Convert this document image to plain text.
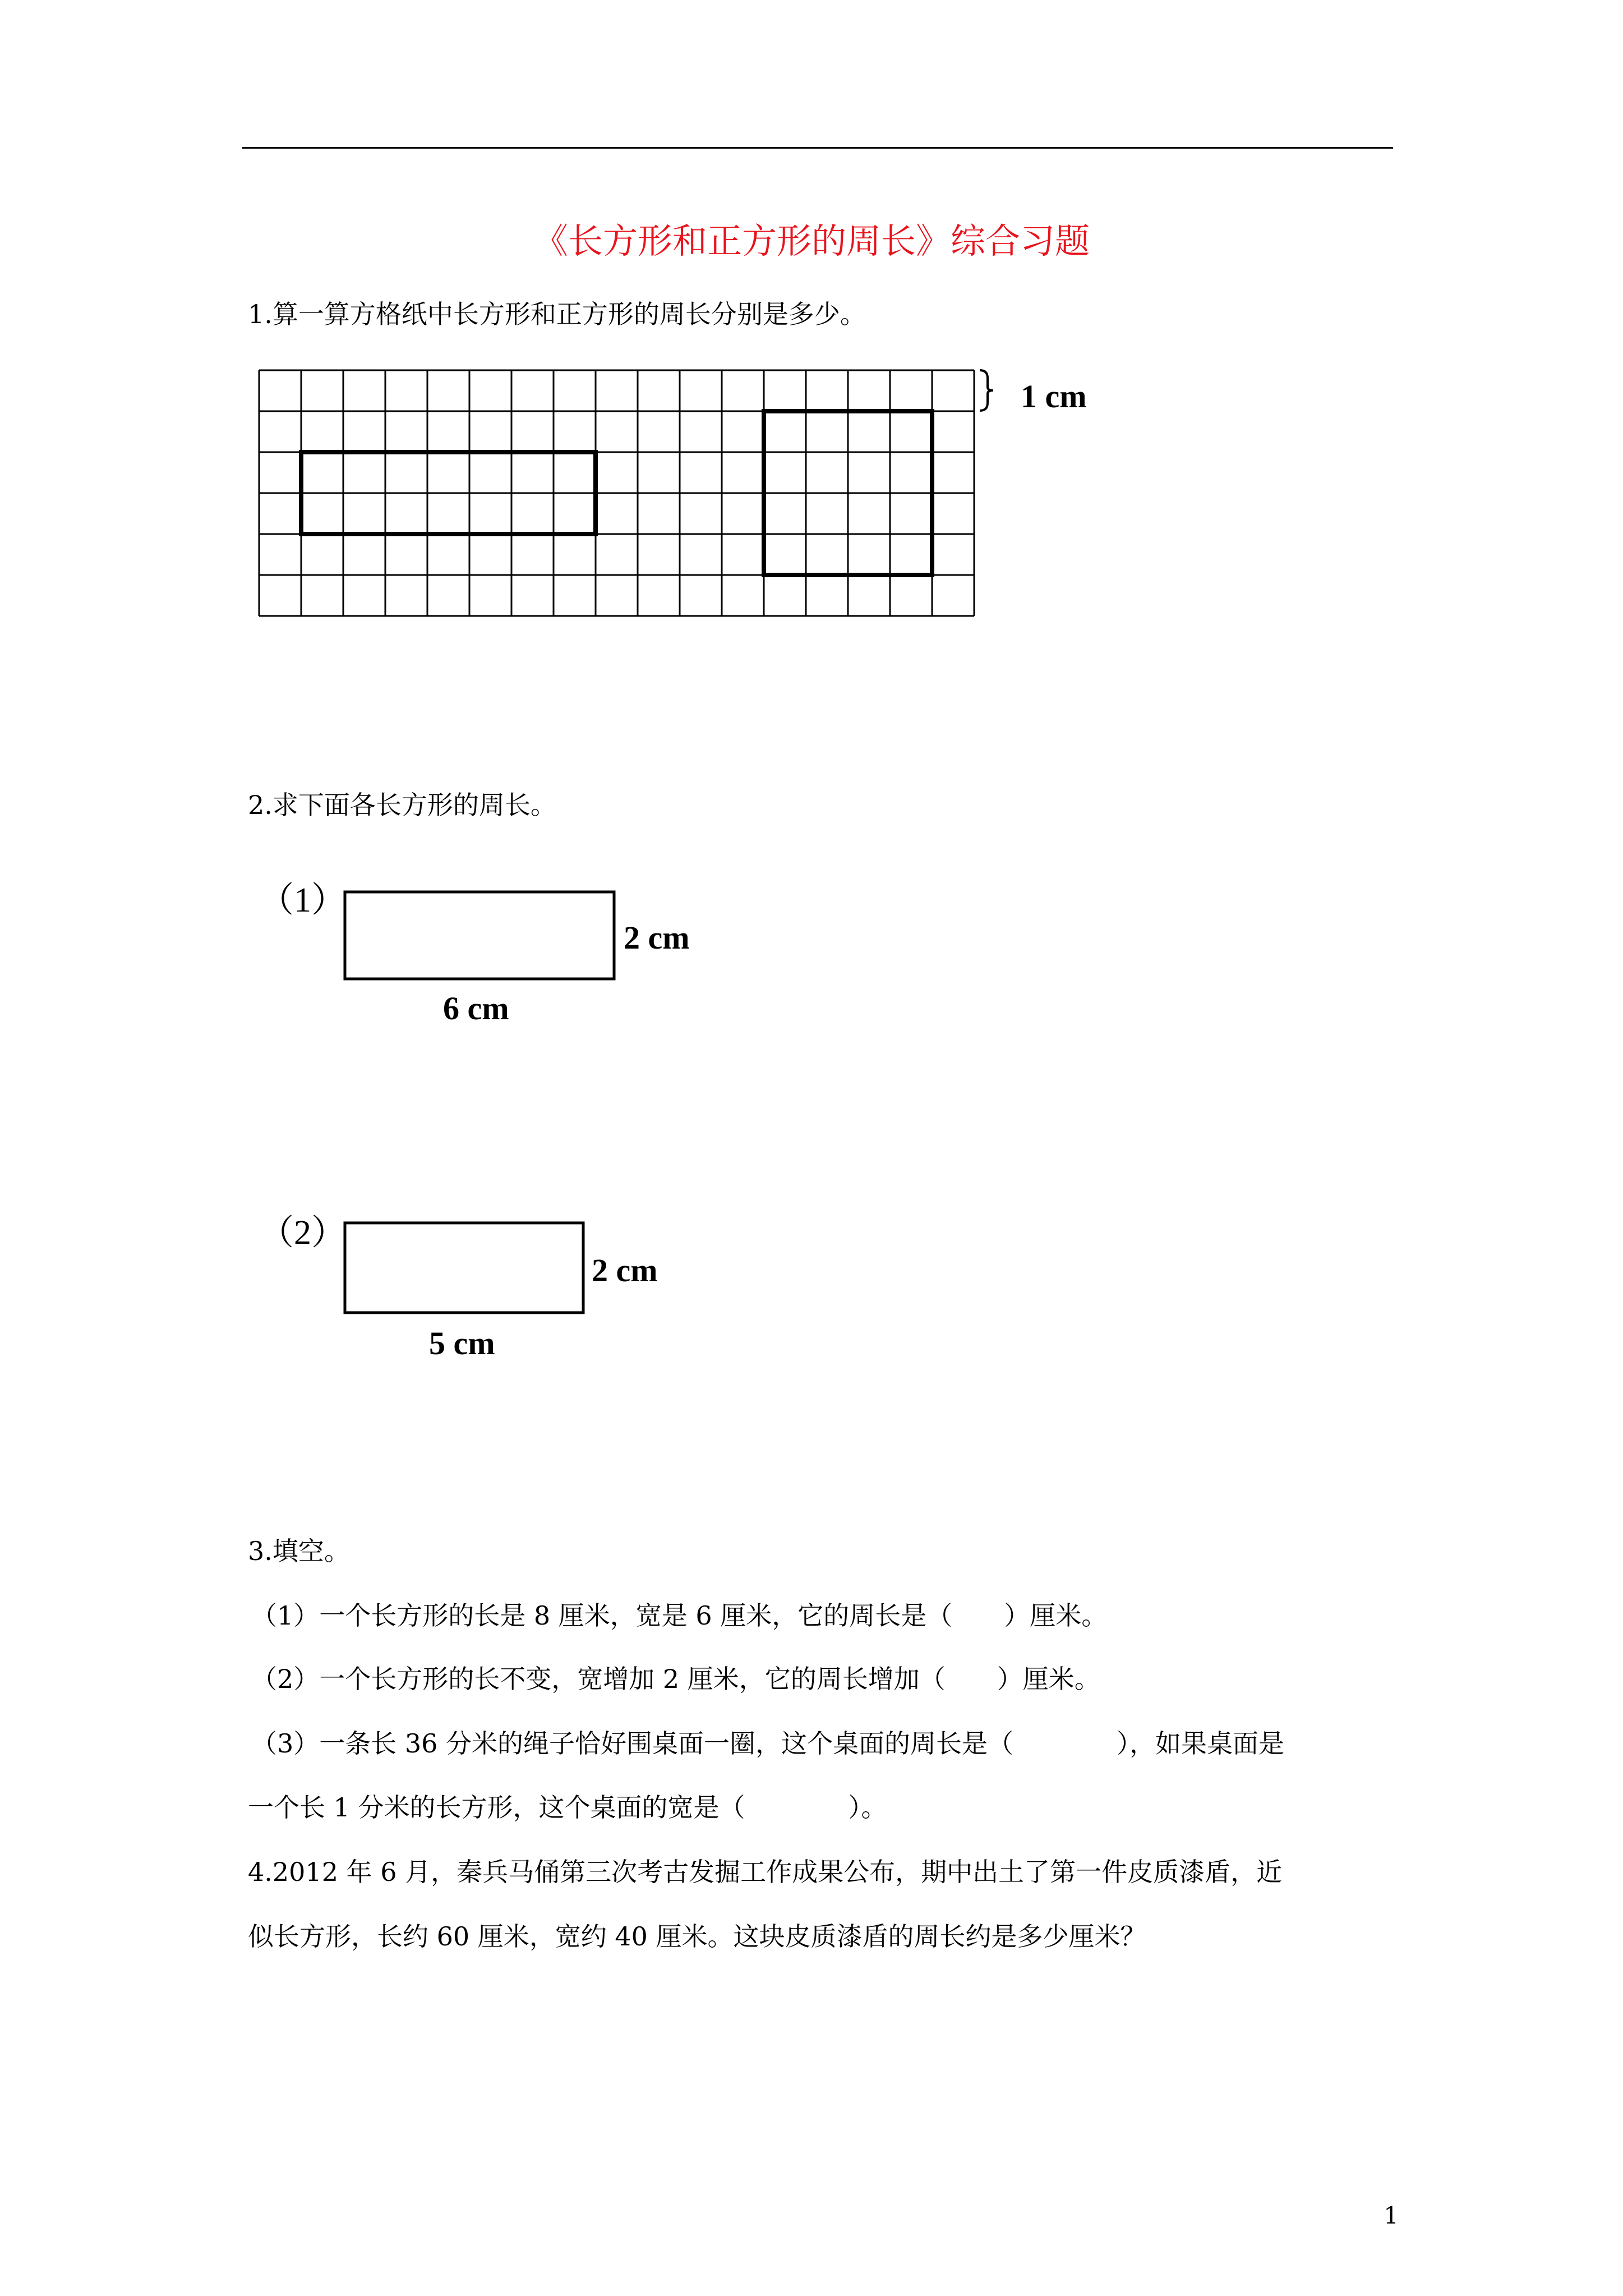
《长方形和正方形的周长》综合习题
1.算一算方格纸中长方形和正方形的周长分别是多少。
1 cm
2.求下面各长方形的周长。
（1）
2 cm
6 cm
（2）
2 cm
5 cm
3.填空。
（1）一个长方形的长是 8 厘米，宽是 6 厘米，它的周长是（　　）厘米。
（2）一个长方形的长不变，宽增加 2 厘米，它的周长增加（　　）厘米。
（3）一条长 36 分米的绳子恰好围桌面一圈，这个桌面的周长是（　　　　），如果桌面是
一个长 1 分米的长方形，这个桌面的宽是（　　　　）。
4.2012 年 6 月，秦兵马俑第三次考古发掘工作成果公布，期中出土了第一件皮质漆盾，近
似长方形，长约 60 厘米，宽约 40 厘米。这块皮质漆盾的周长约是多少厘米？
1
